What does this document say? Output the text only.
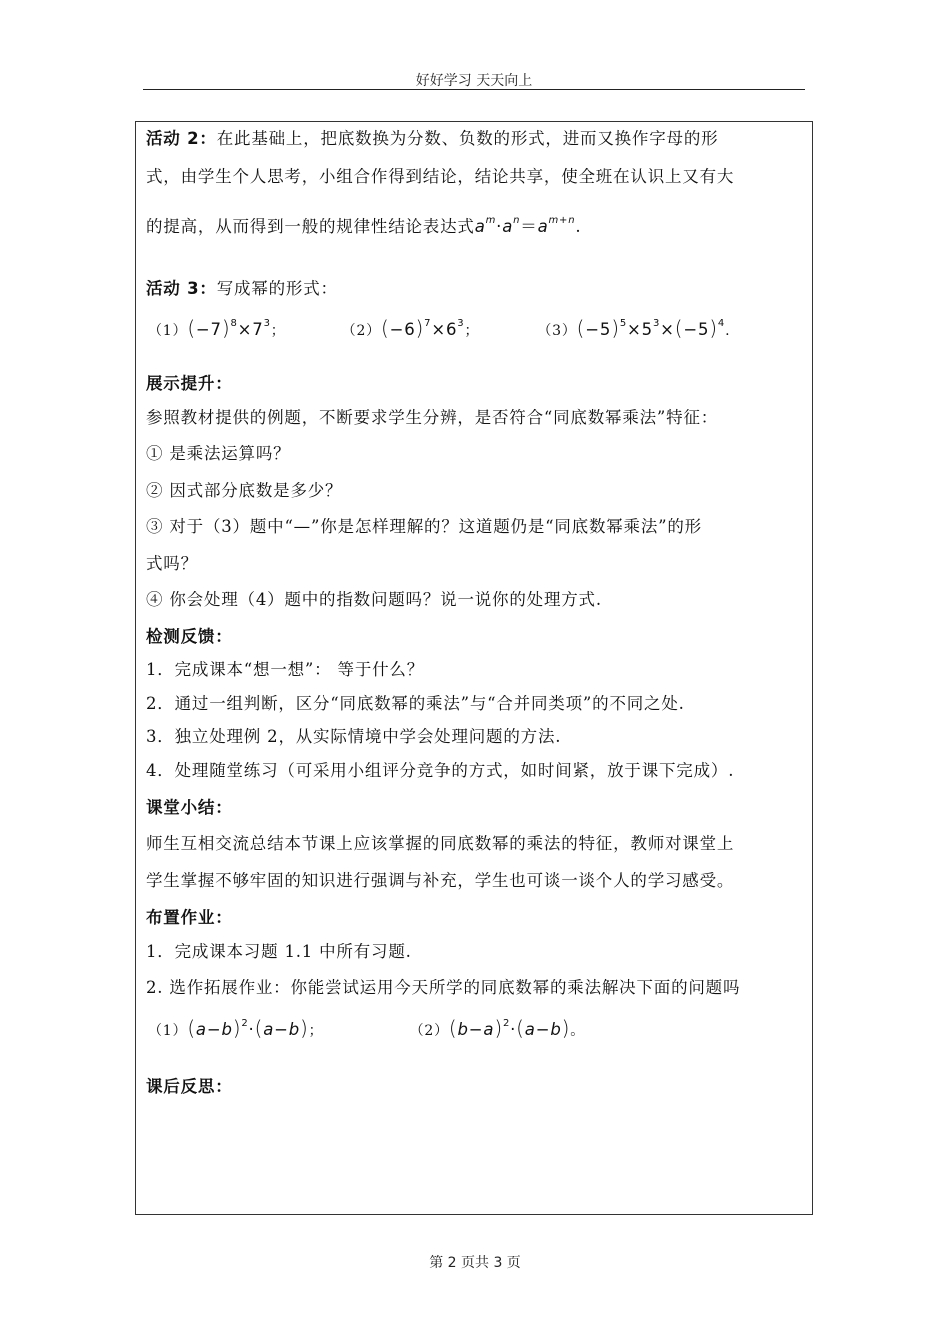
好好学习 天天向上
活动 2：在此基础上，把底数换为分数、负数的形式，进而又换作字母的形
式，由学生个人思考，小组合作得到结论，结论共享，使全班在认识上又有大
的提高，从而得到一般的规律性结论表达式$a^m\cdot a^n=a^{m+n}$.
活动 3：写成幂的形式：
$(1)(-7)^8\times 7^3$；	$(2)(-6)^7\times 6^3$；	$(3)(-5)^5\times 5^3\times(-5)^4$.
展示提升：
参照教材提供的例题，不断要求学生分辨，是否符合“同底数幂乘法”特征：
① 是乘法运算吗？
② 因式部分底数是多少？
③ 对于（3）题中“—”你是怎样理解的？这道题仍是“同底数幂乘法”的形
式吗？
④ 你会处理（4）题中的指数问题吗？说一说你的处理方式.
检测反馈：
1．完成课本“想一想”： 等于什么？
2．通过一组判断，区分“同底数幂的乘法”与“合并同类项”的不同之处.
3．独立处理例 2，从实际情境中学会处理问题的方法.
4．处理随堂练习（可采用小组评分竞争的方式，如时间紧，放于课下完成）.
课堂小结：
师生互相交流总结本节课上应该掌握的同底数幂的乘法的特征，教师对课堂上
学生掌握不够牢固的知识进行强调与补充，学生也可谈一谈个人的学习感受。
布置作业：
1．完成课本习题 1.1 中所有习题.
2. 选作拓展作业：你能尝试运用今天所学的同底数幂的乘法解决下面的问题吗
$(1)(a-b)^2\cdot(a-b)$；	$(2)(b-a)^2\cdot(a-b)$。
课后反思：
第 2 页共 3 页
